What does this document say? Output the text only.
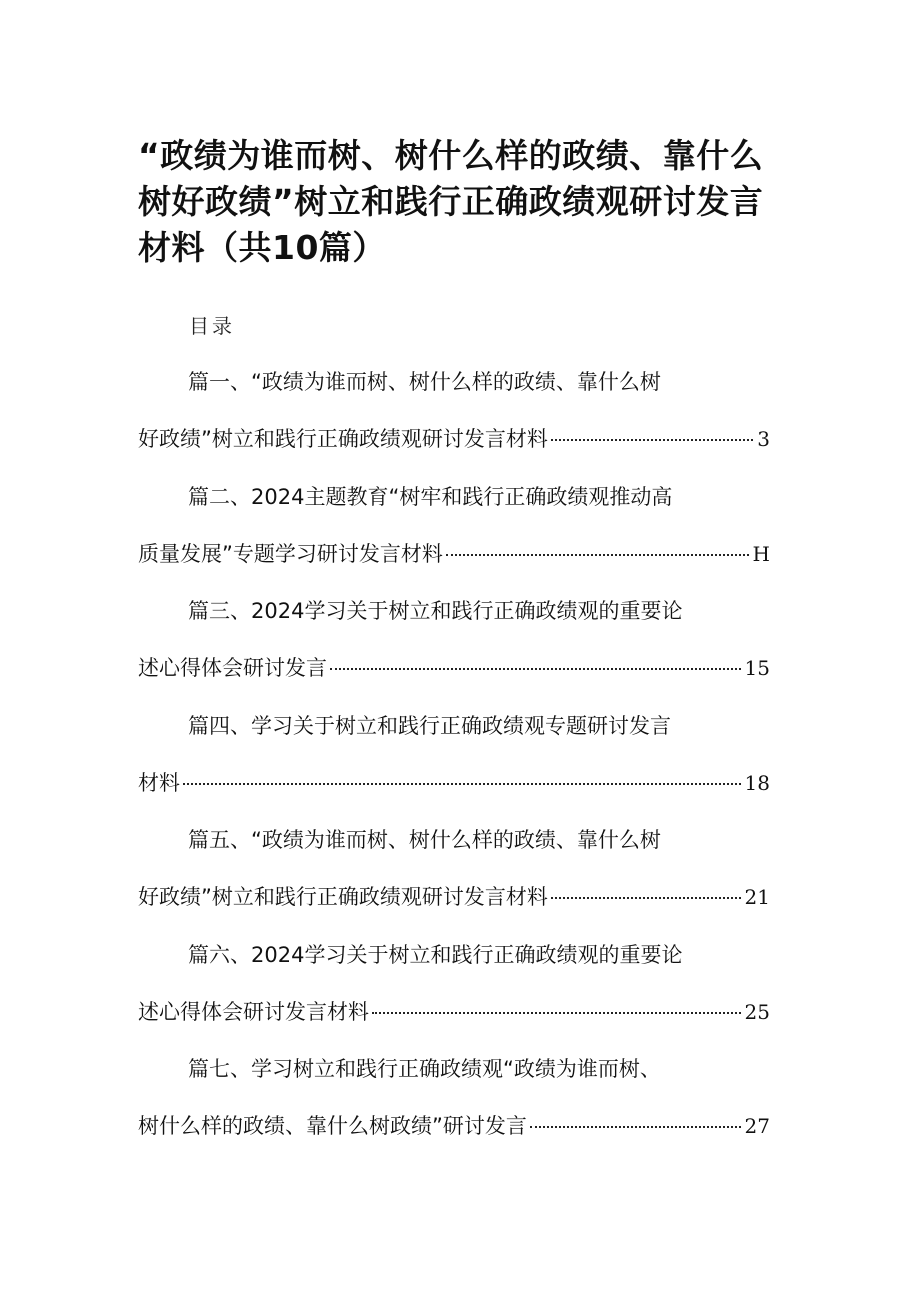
“政绩为谁而树、树什么样的政绩、靠什么树好政绩”树立和践行正确政绩观研讨发言材料（共10篇）
目录
篇一、“政绩为谁而树、树什么样的政绩、靠什么树
好政绩”树立和践行正确政绩观研讨发言材料	3
篇二、2024主题教育“树牢和践行正确政绩观推动高
质量发展”专题学习研讨发言材料	H
篇三、2024学习关于树立和践行正确政绩观的重要论
述心得体会研讨发言	15
篇四、学习关于树立和践行正确政绩观专题研讨发言
材料	18
篇五、“政绩为谁而树、树什么样的政绩、靠什么树
好政绩”树立和践行正确政绩观研讨发言材料	21
篇六、2024学习关于树立和践行正确政绩观的重要论
述心得体会研讨发言材料	25
篇七、学习树立和践行正确政绩观“政绩为谁而树、
树什么样的政绩、靠什么树政绩”研讨发言	27
